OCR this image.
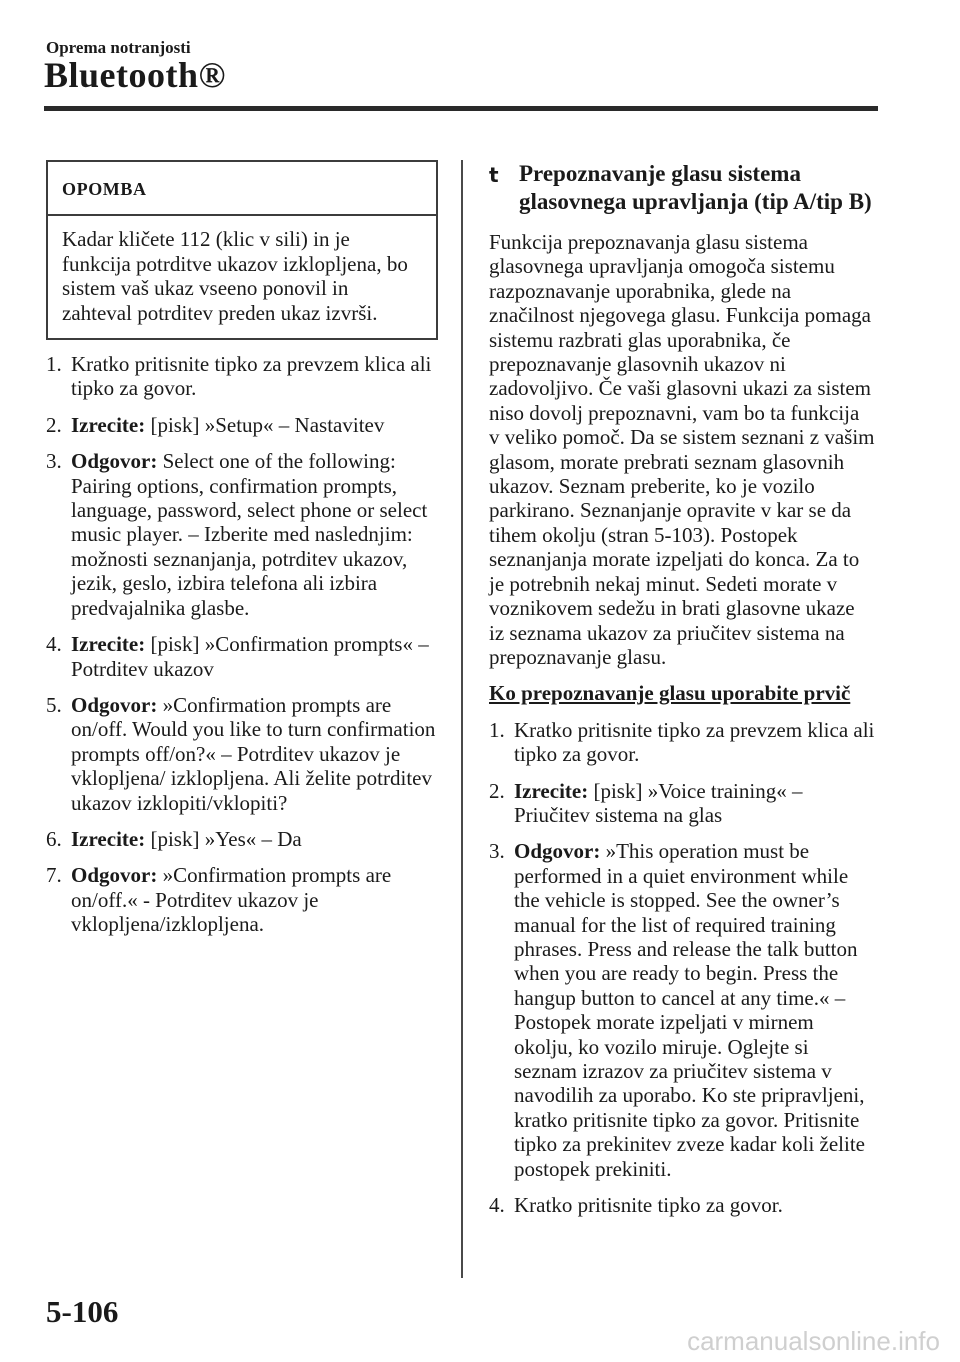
Oprema notranjosti
Bluetooth®
OPOMBA
Kadar kličete 112 (klic v sili) in je funkcija potrditve ukazov izklopljena, bo sistem vaš ukaz vseeno ponovil in zahteval potrditev preden ukaz izvrši.
1. Kratko pritisnite tipko za prevzem klica ali tipko za govor.
2. Izrecite: [pisk] »Setup« – Nastavitev
3. Odgovor: Select one of the following: Pairing options, confirmation prompts, language, password, select phone or select music player. – Izberite med naslednjim: možnosti seznanjanja, potrditev ukazov, jezik, geslo, izbira telefona ali izbira predvajalnika glasbe.
4. Izrecite: [pisk] »Confirmation prompts« – Potrditev ukazov
5. Odgovor: »Confirmation prompts are on/off. Would you like to turn confirmation prompts off/on?« – Potrditev ukazov je vklopljena/ izklopljena. Ali želite potrditev ukazov izklopiti/vklopiti?
6. Izrecite: [pisk] »Yes« – Da
7. Odgovor: »Confirmation prompts are on/off.« - Potrditev ukazov je vklopljena/izklopljena.
t Prepoznavanje glasu sistema glasovnega upravljanja (tip A/tip B)

Funkcija prepoznavanja glasu sistema glasovnega upravljanja omogoča sistemu razpoznavanje uporabnika, glede na značilnost njegovega glasu. Funkcija pomaga sistemu razbrati glas uporabnika, če prepoznavanje glasovnih ukazov ni zadovoljivo. Če vaši glasovni ukazi za sistem niso dovolj prepoznavni, vam bo ta funkcija v veliko pomoč. Da se sistem seznani z vašim glasom, morate prebrati seznam glasovnih ukazov. Seznam preberite, ko je vozilo parkirano. Seznanjanje opravite v kar se da tihem okolju (stran 5-103). Postopek seznanjanja morate izpeljati do konca. Za to je potrebnih nekaj minut. Sedeti morate v voznikovem sedežu in brati glasovne ukaze iz seznama ukazov za priučitev sistema na prepoznavanje glasu.

Ko prepoznavanje glasu uporabite prvič

1. Kratko pritisnite tipko za prevzem klica ali tipko za govor.
2. Izrecite: [pisk] »Voice training« – Priučitev sistema na glas
3. Odgovor: »This operation must be performed in a quiet environment while the vehicle is stopped. See the owner’s manual for the list of required training phrases. Press and release the talk button when you are ready to begin. Press the hangup button to cancel at any time.« – Postopek morate izpeljati v mirnem okolju, ko vozilo miruje. Oglejte si seznam izrazov za priučitev sistema v navodilih za uporabo. Ko ste pripravljeni, kratko pritisnite tipko za govor. Pritisnite tipko za prekinitev zveze kadar koli želite postopek prekiniti.
4. Kratko pritisnite tipko za govor.
5-106
carmanualsonline.info
